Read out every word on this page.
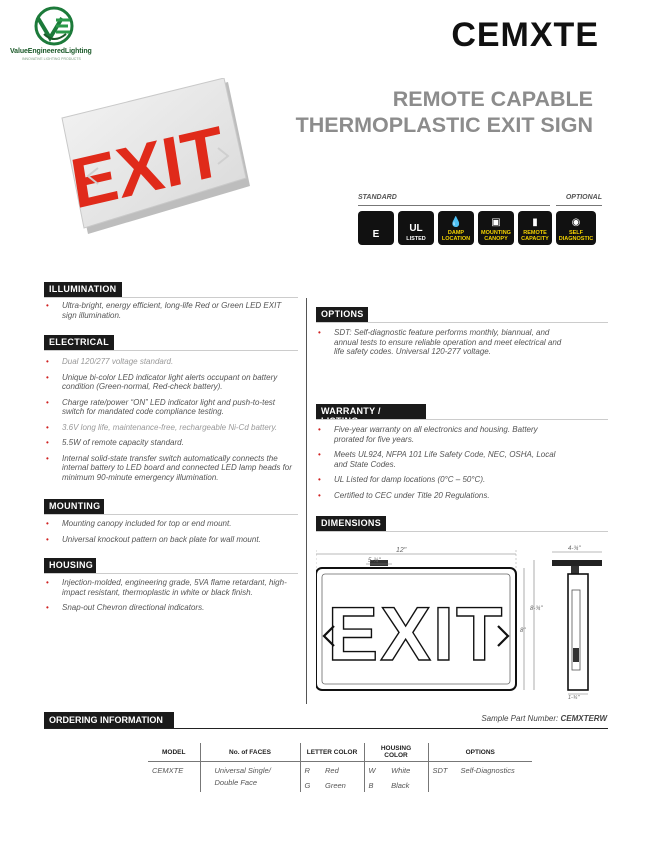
ValueEngineeredLighting
INNOVATIVE LIGHTING PRODUCTS
CEMXTE
REMOTE CAPABLE
THERMOPLASTIC EXIT SIGN
EXIT	STANDARD	OPTIONAL
E
UL
LISTED
💧
DAMP LOCATION
▣
MOUNTING CANOPY
▮
REMOTE CAPACITY
◉
SELF DIAGNOSTIC
ILLUMINATION
• Ultra-bright, energy efficient, long-life Red or Green LED EXIT sign illumination.
ELECTRICAL
• Dual 120/277 voltage standard.
• Unique bi-color LED indicator light alerts occupant on battery condition (Green-normal, Red-check battery).
• Charge rate/power “ON” LED indicator light and push-to-test switch for mandated code compliance testing.
• 3.6V long life, maintenance-free, rechargeable Ni-Cd battery.
• 5.5W of remote capacity standard.
• Internal solid-state transfer switch automatically connects the internal battery to LED board and connected LED lamp heads for minimum 90-minute emergency illumination.
MOUNTING
• Mounting canopy included for top or end mount.
• Universal knockout pattern on back plate for wall mount.
HOUSING
• Injection-molded, engineering grade, 5VA flame retardant, high-impact resistant, thermoplastic in white or black finish.
• Snap-out Chevron directional indicators.
OPTIONS
• SDT: Self-diagnostic feature performs monthly, biannual, and annual tests to ensure reliable operation and meet electrical and life safety codes. Universal 120-277 voltage.
WARRANTY / LISTING
• Five-year warranty on all electronics and housing. Battery prorated for five years.
• Meets UL924, NFPA 101 Life Safety Code, NEC, OSHA, Local and State Codes.
• UL Listed for damp locations (0°C – 50°C).
• Certified to CEC under Title 20 Regulations.
DIMENSIONS
EXIT
12"
5-¾"
8-¾"
8"
4-¾"
1-¾"
ORDERING INFORMATION	Sample Part Number: CEMXTERW
MODEL	No. of FACES	LETTER COLOR		HOUSING COLOR		OPTIONS	
CEMXTE	Universal Single/	R	Red	W	White	SDT	Self-Diagnostics
	Double Face	G	Green	B	Black		
